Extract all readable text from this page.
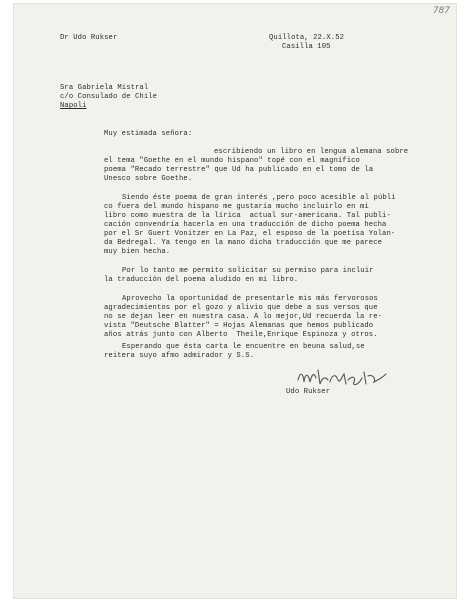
787
Dr Udo Rukser	Quillota, 22.X.52
Casilla 105
Sra Gabriela Mistral
c/o Consulado de Chile
Napoli
Muy estimada señora:
escribiendo un libro en lengua alemana sobre
el tema "Goethe en el mundo hispano" topé con el magnífico
poema "Recado terrestre" que Ud ha publicado en el tomo de la
Unesco sobre Goethe.
Siendo éste poema de gran interés ,pero poco acesible al públi
co fuera del mundo hispano me gustaría mucho incluirlo en mi
libro como muestra de la lírica  actual sur-americana. Tal publi-
cación convendría hacerla en una traducción de dicho poema hecha
por el Sr Guert Vonitzer en La Paz, el esposo de la poetisa Yolan-
da Bedregal. Ya tengo en la mano dicha traducción que me parece
muy bien hecha.
Por lo tanto me permito solicitar su permiso para incluir
la traducción del poema aludido en mi libro.
Aprovecho la oportunidad de presentarle mis más fervorosos
agradecimientos por el gozo y alivio que debe a sus versos que
no se dejan leer en nuestra casa. A lo mejor,Ud recuerda la re-
vista "Deutsche Blatter" = Hojas Alemanas que hemos publicado
años atrás junto con Alberto  Theile,Enrique Espinoza y otros.
Esperando que ésta carta le encuentre en beuna salud,se
reitera suyo afmo admirador y S.S.
Udo Rukser
